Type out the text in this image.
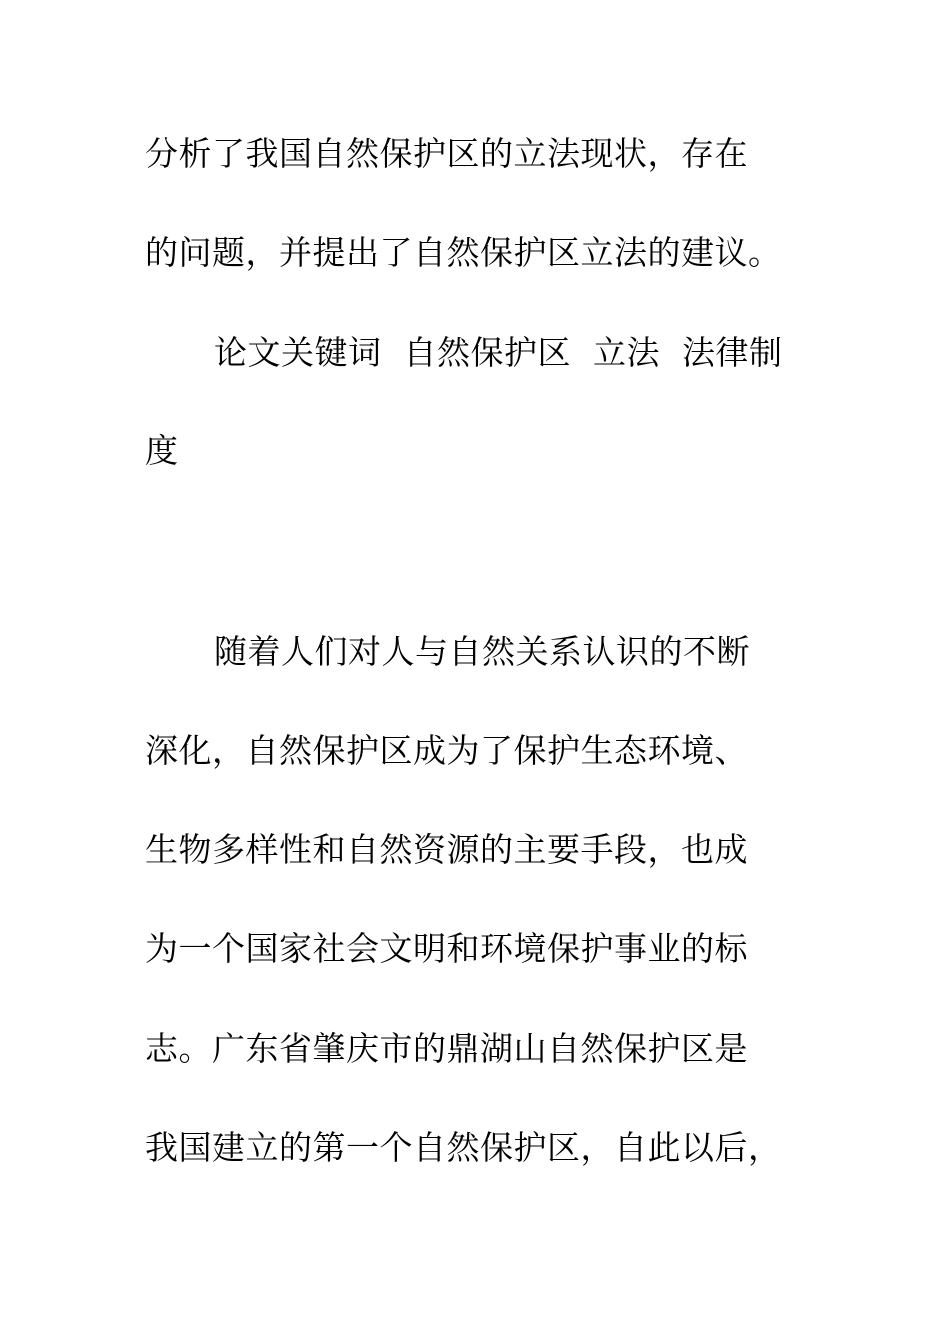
分析了我国自然保护区的立法现状，存在
的问题，并提出了自然保护区立法的建议。
论文关键词 自然保护区 立法 法律制
度
随着人们对人与自然关系认识的不断
深化，自然保护区成为了保护生态环境、
生物多样性和自然资源的主要手段，也成
为一个国家社会文明和环境保护事业的标
志。广东省肇庆市的鼎湖山自然保护区是
我国建立的第一个自然保护区，自此以后，
